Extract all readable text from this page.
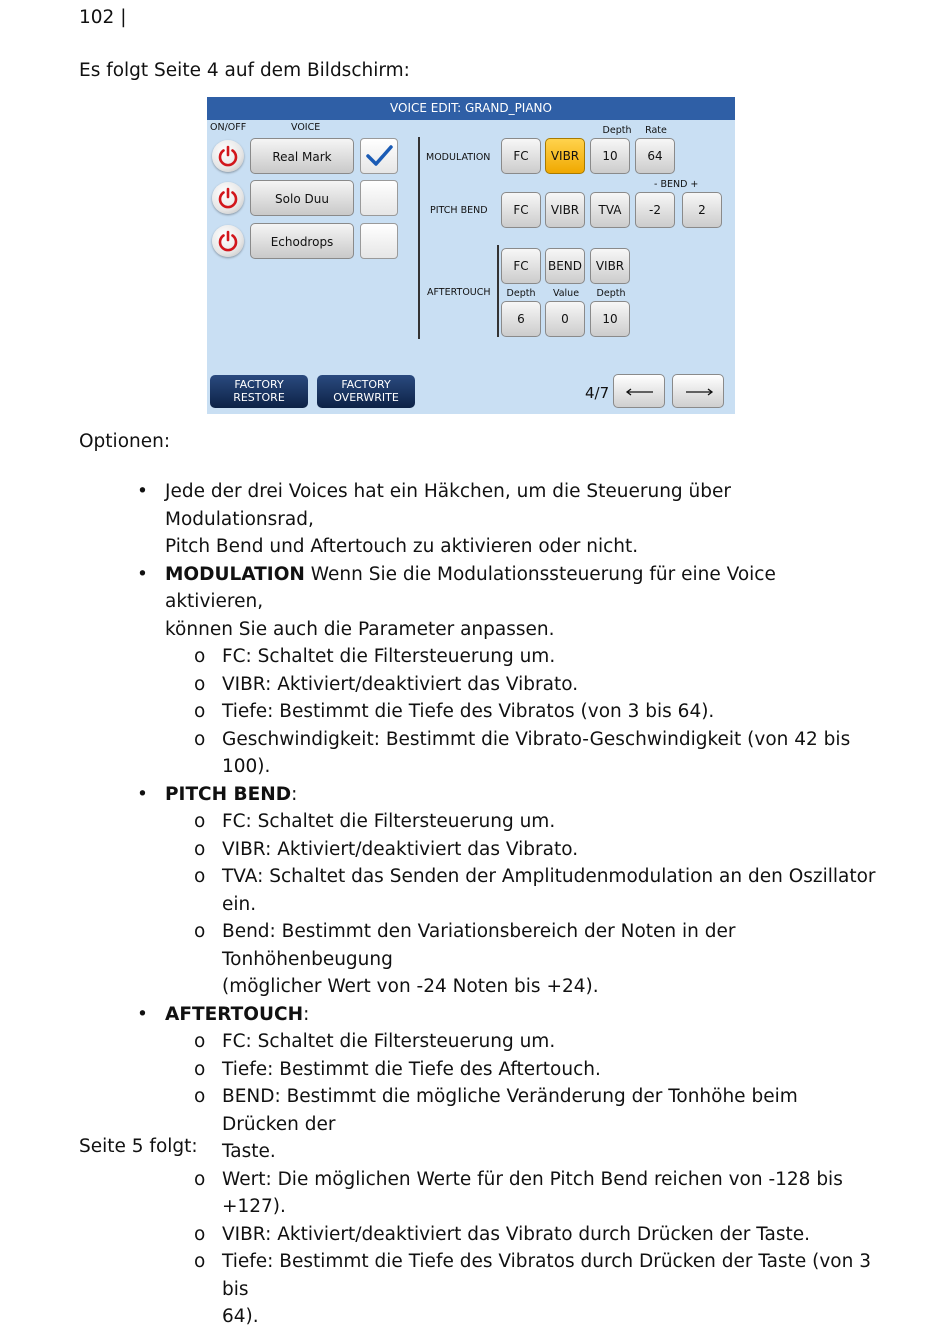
102 |
Es folgt Seite 4 auf dem Bildschirm:
VOICE EDIT: GRAND_PIANO
ON/OFF	VOICE
Real Mark
Solo Duu
Echodrops
Depth	Rate
MODULATION	FC	VIBR	10	64
- BEND +
PITCH BEND	FC	VIBR	TVA	-2	2
AFTERTOUCH
FC	BEND	VIBR
Depth	Value	Depth
6	0	10
FACTORY RESTORE
FACTORY OVERWRITE	4/7
Optionen:
• Jede der drei Voices hat ein Häkchen, um die Steuerung über Modulationsrad,
Pitch Bend und Aftertouch zu aktivieren oder nicht.
• MODULATION Wenn Sie die Modulationssteuerung für eine Voice aktivieren,
können Sie auch die Parameter anpassen.
o FC: Schaltet die Filtersteuerung um.
o VIBR: Aktiviert/deaktiviert das Vibrato.
o Tiefe: Bestimmt die Tiefe des Vibratos (von 3 bis 64).
o Geschwindigkeit: Bestimmt die Vibrato-Geschwindigkeit (von 42 bis 100).
• PITCH BEND:
o FC: Schaltet die Filtersteuerung um.
o VIBR: Aktiviert/deaktiviert das Vibrato.
o TVA: Schaltet das Senden der Amplitudenmodulation an den Oszillator ein.
o Bend: Bestimmt den Variationsbereich der Noten in der Tonhöhenbeugung
(möglicher Wert von -24 Noten bis +24).
• AFTERTOUCH:
o FC: Schaltet die Filtersteuerung um.
o Tiefe: Bestimmt die Tiefe des Aftertouch.
o BEND: Bestimmt die mögliche Veränderung der Tonhöhe beim Drücken der
Taste.
o Wert: Die möglichen Werte für den Pitch Bend reichen von -128 bis +127).
o VIBR: Aktiviert/deaktiviert das Vibrato durch Drücken der Taste.
o Tiefe: Bestimmt die Tiefe des Vibratos durch Drücken der Taste (von 3 bis
64).
Seite 5 folgt:
